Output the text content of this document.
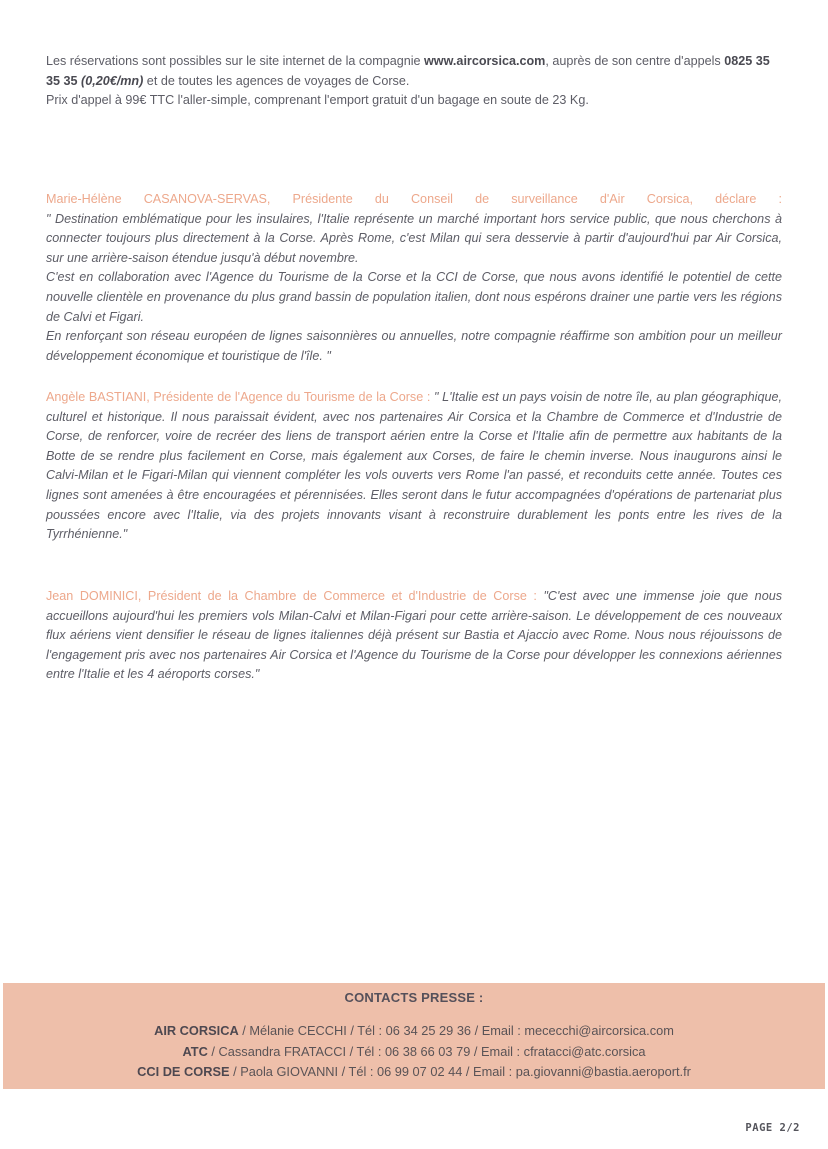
Les réservations sont possibles sur le site internet de la compagnie www.aircorsica.com, auprès de son centre d'appels 0825 35 35 35 (0,20€/mn) et de toutes les agences de voyages de Corse.
Prix d'appel à 99€ TTC l'aller-simple, comprenant l'emport gratuit d'un bagage en soute de 23 Kg.
Marie-Hélène CASANOVA-SERVAS, Présidente du Conseil de surveillance d'Air Corsica, déclare :
" Destination emblématique pour les insulaires, l'Italie représente un marché important hors service public, que nous cherchons à connecter toujours plus directement à la Corse. Après Rome, c'est Milan qui sera desservie à partir d'aujourd'hui par Air Corsica, sur une arrière-saison étendue jusqu'à début novembre.
C'est en collaboration avec l'Agence du Tourisme de la Corse et la CCI de Corse, que nous avons identifié le potentiel de cette nouvelle clientèle en provenance du plus grand bassin de population italien, dont nous espérons drainer une partie vers les régions de Calvi et Figari.
En renforçant son réseau européen de lignes saisonnières ou annuelles, notre compagnie réaffirme son ambition pour un meilleur développement économique et touristique de l'île. "
Angèle BASTIANI, Présidente de l'Agence du Tourisme de la Corse : " L'Italie est un pays voisin de notre île, au plan géographique, culturel et historique. Il nous paraissait évident, avec nos partenaires Air Corsica et la Chambre de Commerce et d'Industrie de Corse, de renforcer, voire de recréer des liens de transport aérien entre la Corse et l'Italie afin de permettre aux habitants de la Botte de se rendre plus facilement en Corse, mais également aux Corses, de faire le chemin inverse. Nous inaugurons ainsi le Calvi-Milan et le Figari-Milan qui viennent compléter les vols ouverts vers Rome l'an passé, et reconduits cette année. Toutes ces lignes sont amenées à être encouragées et pérennisées. Elles seront dans le futur accompagnées d'opérations de partenariat plus poussées encore avec l'Italie, via des projets innovants visant à reconstruire durablement les ponts entre les rives de la Tyrrhénienne."
Jean DOMINICI, Président de la Chambre de Commerce et d'Industrie de Corse : "C'est avec une immense joie que nous accueillons aujourd'hui les premiers vols Milan-Calvi et Milan-Figari pour cette arrière-saison. Le développement de ces nouveaux flux aériens vient densifier le réseau de lignes italiennes déjà présent sur Bastia et Ajaccio avec Rome. Nous nous réjouissons de l'engagement pris avec nos partenaires Air Corsica et l'Agence du Tourisme de la Corse pour développer les connexions aériennes entre l'Italie et les 4 aéroports corses."
CONTACTS PRESSE :
AIR CORSICA / Mélanie CECCHI / Tél : 06 34 25 29 36 / Email : mececchi@aircorsica.com
ATC / Cassandra FRATACCI / Tél : 06 38 66 03 79 / Email : cfratacci@atc.corsica
CCI DE CORSE / Paola GIOVANNI / Tél : 06 99 07 02 44 / Email : pa.giovanni@bastia.aeroport.fr
PAGE 2/2
